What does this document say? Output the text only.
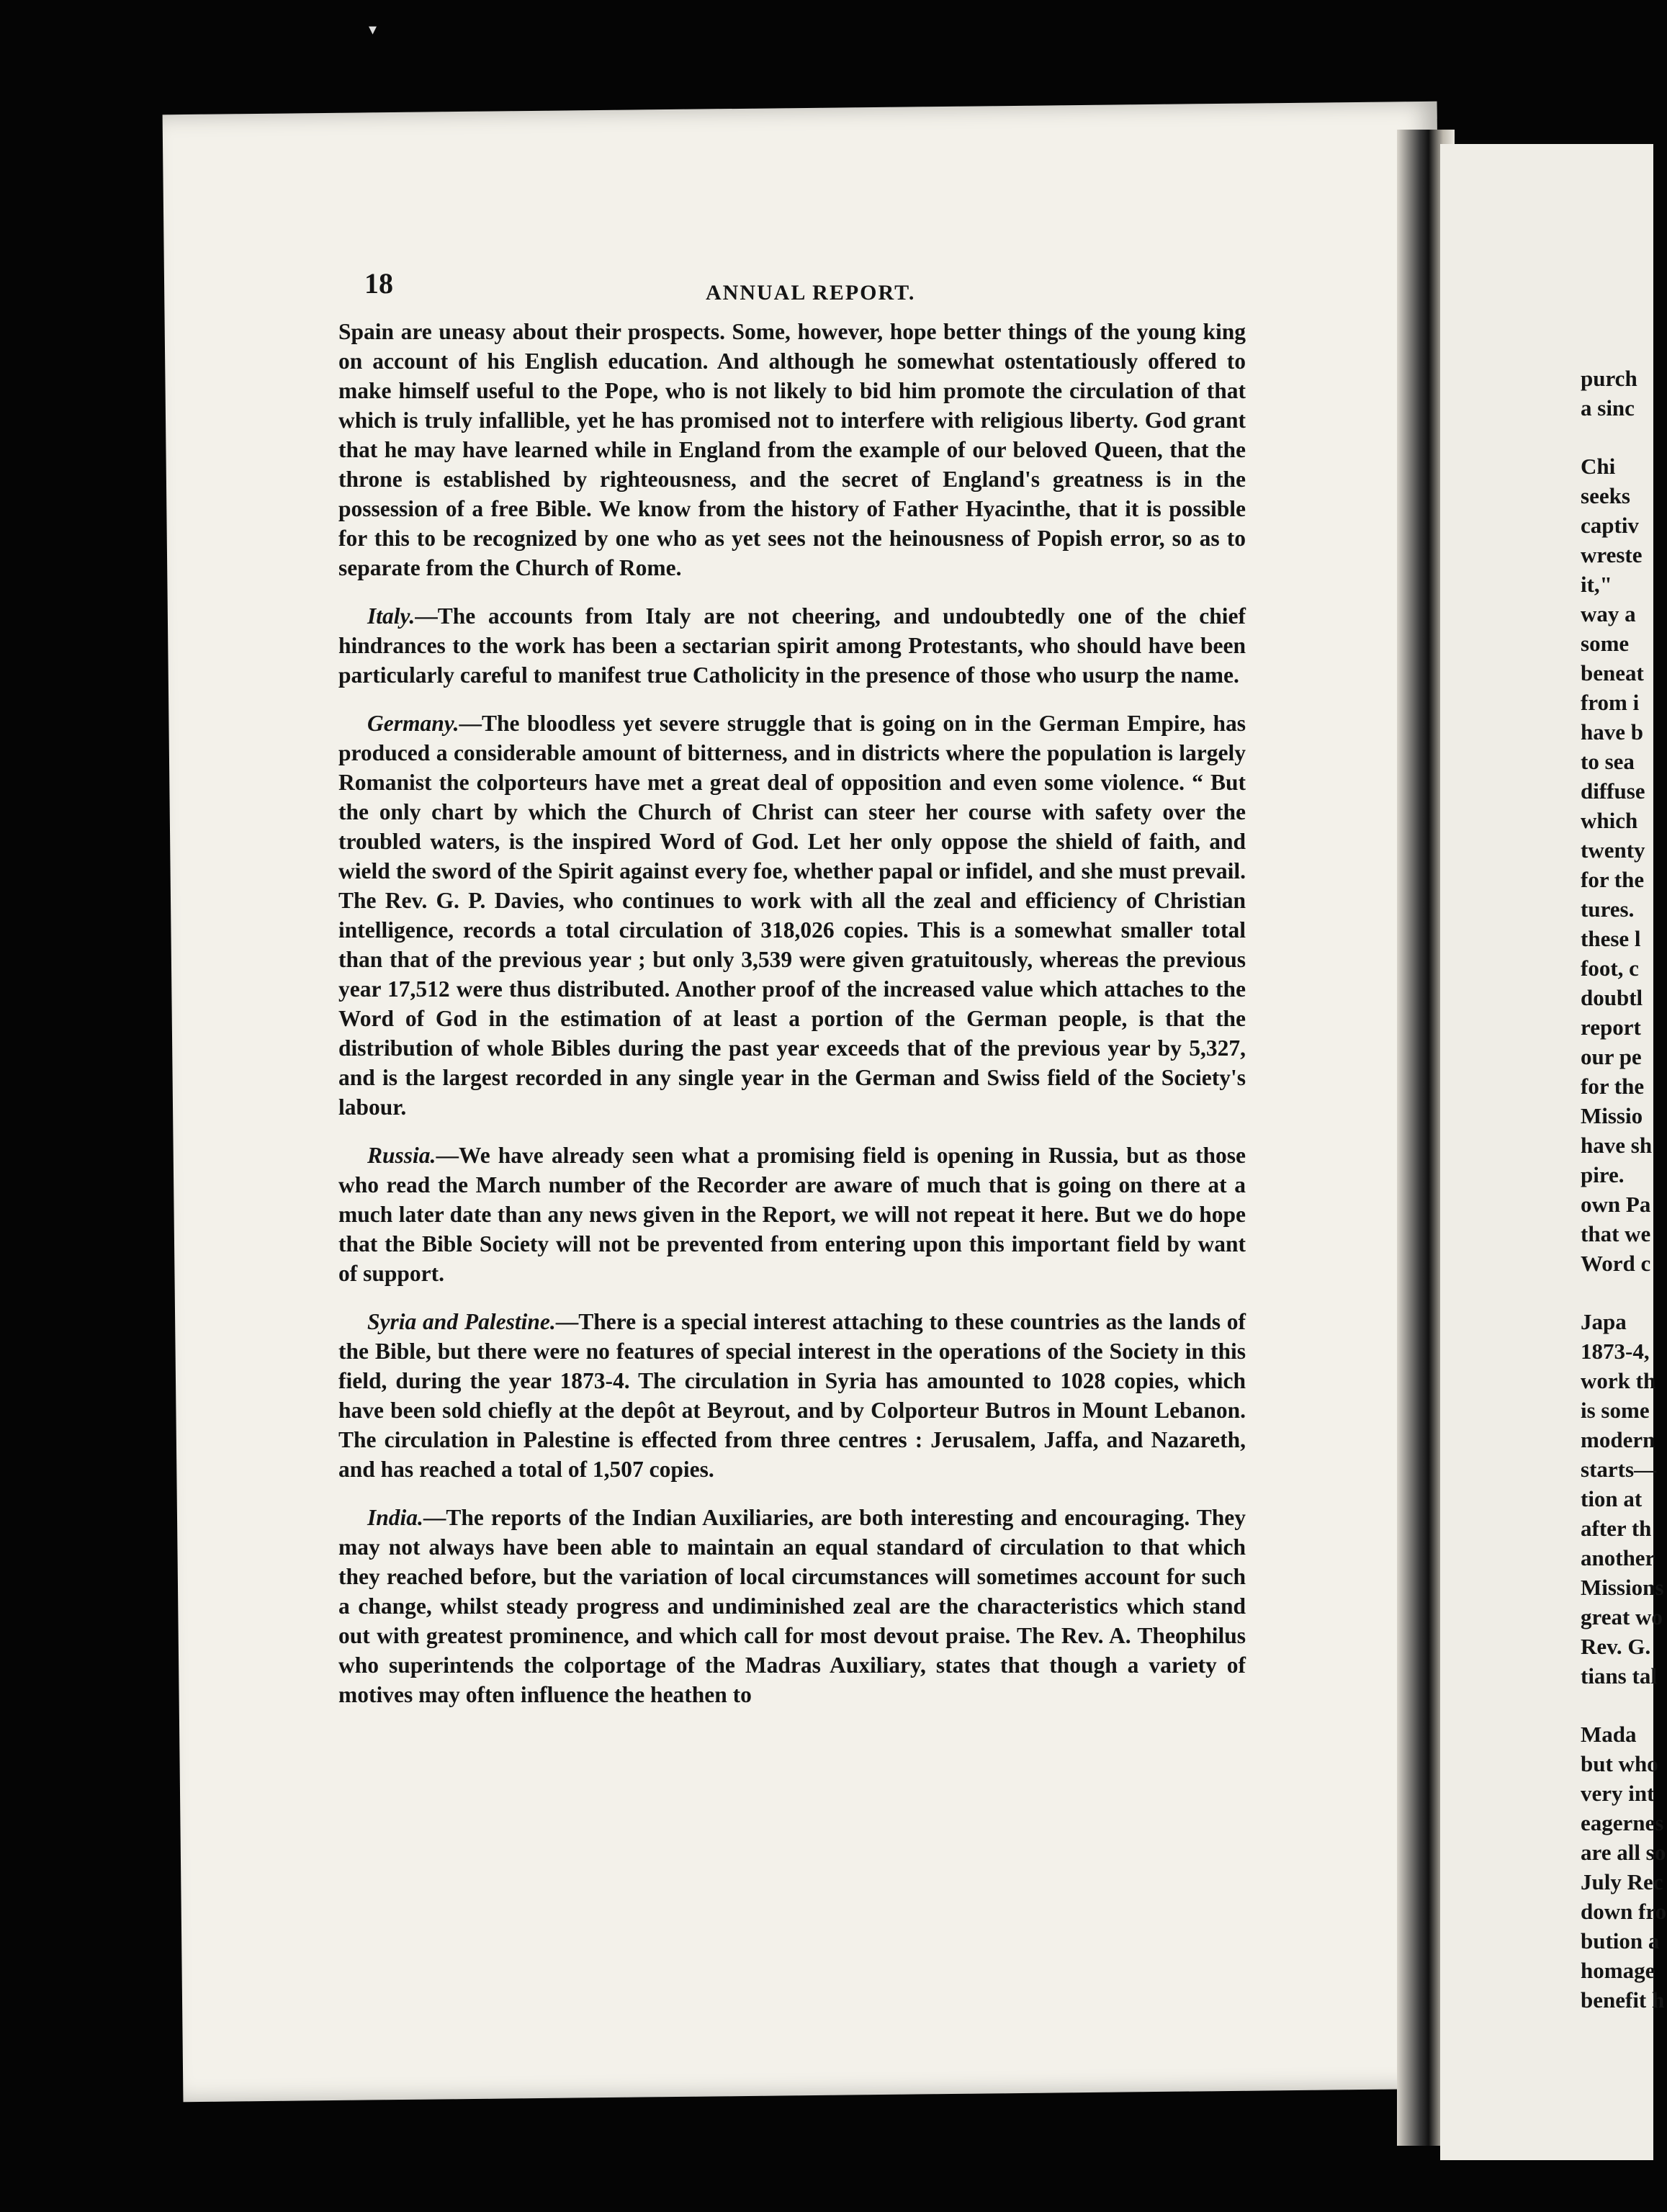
▾
18	ANNUAL REPORT.

Spain are uneasy about their prospects. Some, however, hope better things of the young king on account of his English education. And although he somewhat ostentatiously offered to make himself useful to the Pope, who is not likely to bid him promote the circulation of that which is truly infallible, yet he has promised not to interfere with religious liberty. God grant that he may have learned while in England from the example of our beloved Queen, that the throne is established by righteousness, and the secret of England's greatness is in the possession of a free Bible. We know from the history of Father Hyacinthe, that it is possible for this to be recognized by one who as yet sees not the heinousness of Popish error, so as to separate from the Church of Rome.

Italy.—The accounts from Italy are not cheering, and undoubtedly one of the chief hindrances to the work has been a sectarian spirit among Protestants, who should have been particularly careful to manifest true Catholicity in the presence of those who usurp the name.

Germany.—The bloodless yet severe struggle that is going on in the German Empire, has produced a considerable amount of bitterness, and in districts where the population is largely Romanist the colporteurs have met a great deal of opposition and even some violence. “ But the only chart by which the Church of Christ can steer her course with safety over the troubled waters, is the inspired Word of God. Let her only oppose the shield of faith, and wield the sword of the Spirit against every foe, whether papal or infidel, and she must prevail. The Rev. G. P. Davies, who continues to work with all the zeal and efficiency of Christian intelligence, records a total circulation of 318,026 copies. This is a somewhat smaller total than that of the previous year ; but only 3,539 were given gratuitously, whereas the previous year 17,512 were thus distributed. Another proof of the increased value which attaches to the Word of God in the estimation of at least a portion of the German people, is that the distribution of whole Bibles during the past year exceeds that of the previous year by 5,327, and is the largest recorded in any single year in the German and Swiss field of the Society's labour.

Russia.—We have already seen what a promising field is opening in Russia, but as those who read the March number of the Recorder are aware of much that is going on there at a much later date than any news given in the Report, we will not repeat it here. But we do hope that the Bible Society will not be prevented from entering upon this important field by want of support.

Syria and Palestine.—There is a special interest attaching to these countries as the lands of the Bible, but there were no features of special interest in the operations of the Society in this field, during the year 1873-4. The circulation in Syria has amounted to 1028 copies, which have been sold chiefly at the depôt at Beyrout, and by Colporteur Butros in Mount Lebanon. The circulation in Palestine is effected from three centres : Jerusalem, Jaffa, and Nazareth, and has reached a total of 1,507 copies.

India.—The reports of the Indian Auxiliaries, are both interesting and encouraging. They may not always have been able to maintain an equal standard of circulation to that which they reached before, but the variation of local circumstances will sometimes account for such a change, whilst steady progress and undiminished zeal are the characteristics which stand out with greatest prominence, and which call for most devout praise. The Rev. A. Theophilus who superintends the colportage of the Madras Auxiliary, states that though a variety of motives may often influence the heathen to

purch
a sinc
Chi
seeks
captiv
wreste
it,"
way a
some
beneat
from i
have b
to sea
diffuse
which
twenty
for the
tures.
these l
foot, c
doubtl
report
our pe
for the
Missio
have sh
pire.
own Pa
that we
Word c
Japa
1873-4,
work th
is some
modern
starts—
tion at
after th
another
Missions
great wo
Rev. G.
tians tal
Mada
but who
very int
eagernes
are all so
July Rec
down fro
bution a
homage
benefit h
